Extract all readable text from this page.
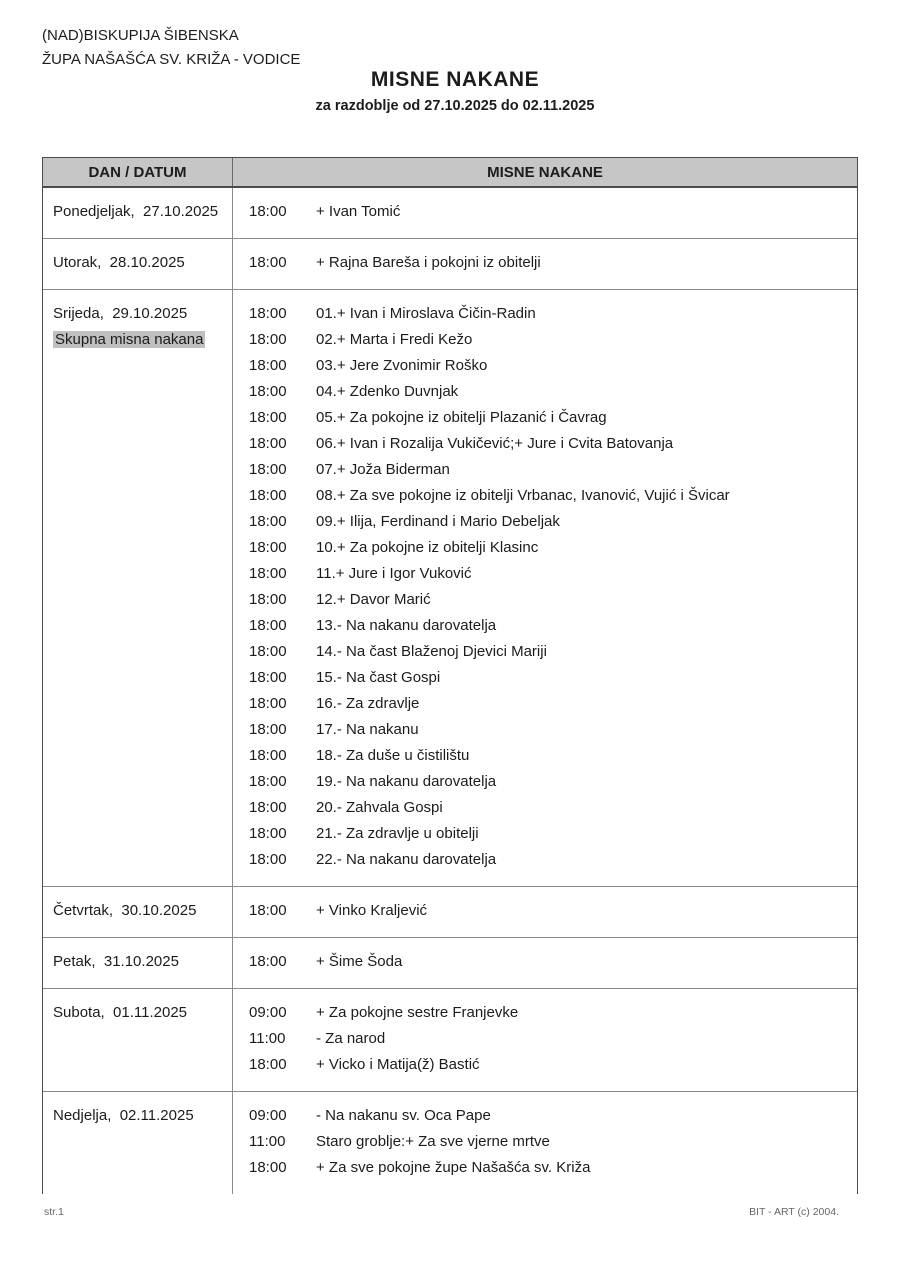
(NAD)BISKUPIJA ŠIBENSKA
ŽUPA NAŠAŠĆA SV. KRIŽA - VODICE
MISNE NAKANE
za razdoblje od 27.10.2025 do 02.11.2025
DAN / DATUM	MISNE NAKANE
Ponedjeljak,  27.10.2025	18:00	+ Ivan Tomić
Utorak,  28.10.2025	18:00	+ Rajna Bareša i pokojni iz obitelji
Srijeda,  29.10.2025
Skupna misna nakana
18:00	01.+ Ivan i Miroslava Čičin-Radin
18:00	02.+ Marta i Fredi Kežo
18:00	03.+ Jere Zvonimir Roško
18:00	04.+ Zdenko Duvnjak
18:00	05.+ Za pokojne iz obitelji Plazanić i Čavrag
18:00	06.+ Ivan i Rozalija Vukičević;+ Jure i Cvita Batovanja
18:00	07.+ Joža Biderman
18:00	08.+ Za sve pokojne iz obitelji Vrbanac, Ivanović, Vujić i Švicar
18:00	09.+ Ilija, Ferdinand i Mario Debeljak
18:00	10.+ Za pokojne iz obitelji Klasinc
18:00	11.+ Jure i Igor Vuković
18:00	12.+ Davor Marić
18:00	13.- Na nakanu darovatelja
18:00	14.- Na čast Blaženoj Djevici Mariji
18:00	15.- Na čast Gospi
18:00	16.- Za zdravlje
18:00	17.- Na nakanu
18:00	18.- Za duše u čistilištu
18:00	19.- Na nakanu darovatelja
18:00	20.- Zahvala Gospi
18:00	21.- Za zdravlje u obitelji
18:00	22.- Na nakanu darovatelja
Četvrtak,  30.10.2025	18:00	+ Vinko Kraljević
Petak,  31.10.2025	18:00	+ Šime Šoda
Subota,  01.11.2025	09:00	+ Za pokojne sestre Franjevke
11:00	- Za narod
18:00	+ Vicko i Matija(ž) Bastić
Nedjelja,  02.11.2025	09:00	- Na nakanu sv. Oca Pape
11:00	Staro groblje:+ Za sve vjerne mrtve
18:00	+ Za sve pokojne župe Našašća sv. Križa
str.1	BIT - ART (c) 2004.
